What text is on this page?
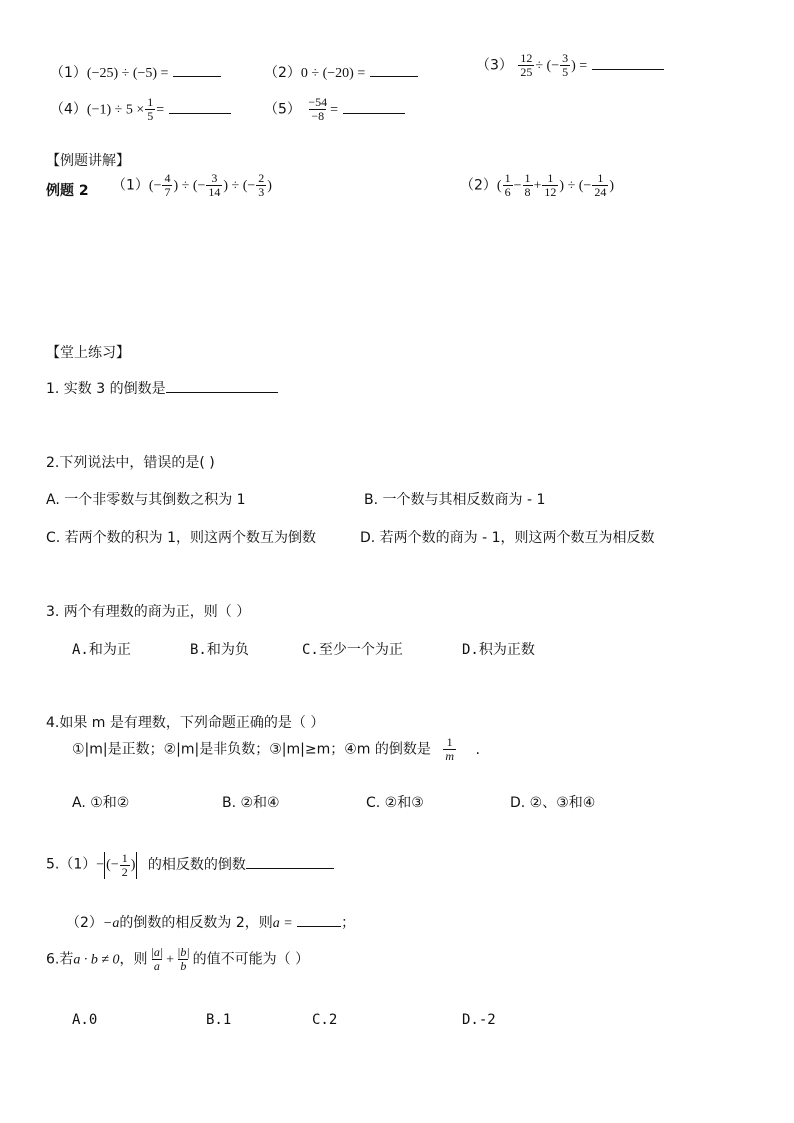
（1）(−25) ÷ (−5) =	（2）0 ÷ (−20) =	$(3) \frac{12}{25}$ ÷ (− $\frac{3}{5}$ ) =
$(4)(-1) \div 5 \times \frac{1}{5}$ =	$(5) \frac{-54}{-8}$ =
【例题讲解】
例题 2 $(1)(- \frac{4}{7}$ ) ÷ (− $\frac{3}{14}$ ) ÷ (− $\frac{2}{3}$ )	$(2)( \frac{1}{6} - \frac{1}{8} + \frac{1}{12}$ ) ÷ (− $\frac{1}{24}$ )
【堂上练习】
1. 实数 3 的倒数是
2.下列说法中，错误的是( )
A. 一个非零数与其倒数之积为 1	B. 一个数与其相反数商为 - 1
C. 若两个数的积为 1，则这两个数互为倒数	D. 若两个数的商为 - 1，则这两个数互为相反数
3. 两个有理数的商为正，则（ ）
A.和为正	B.和为负	C.至少一个为正	D.积为正数
4.如果 m 是有理数，下列命题正确的是（ ）
①|m|是正数；②|m|是非负数；③|m|≥m；④m 的倒数是 $\frac{1}{m}$ .
A. ①和②	B. ②和④	C. ②和③	D. ②、③和④
5.（1）− (− $\frac{1}{2}$ ) 的相反数的倒数
（2）−a的倒数的相反数为 2，则a =	；
6.若a · b ≠ 0，则 $\frac{|a|}{a} + \frac{|b|}{b}$ 的值不可能为（ ）
A.0	B.1	C.2	D.-2
